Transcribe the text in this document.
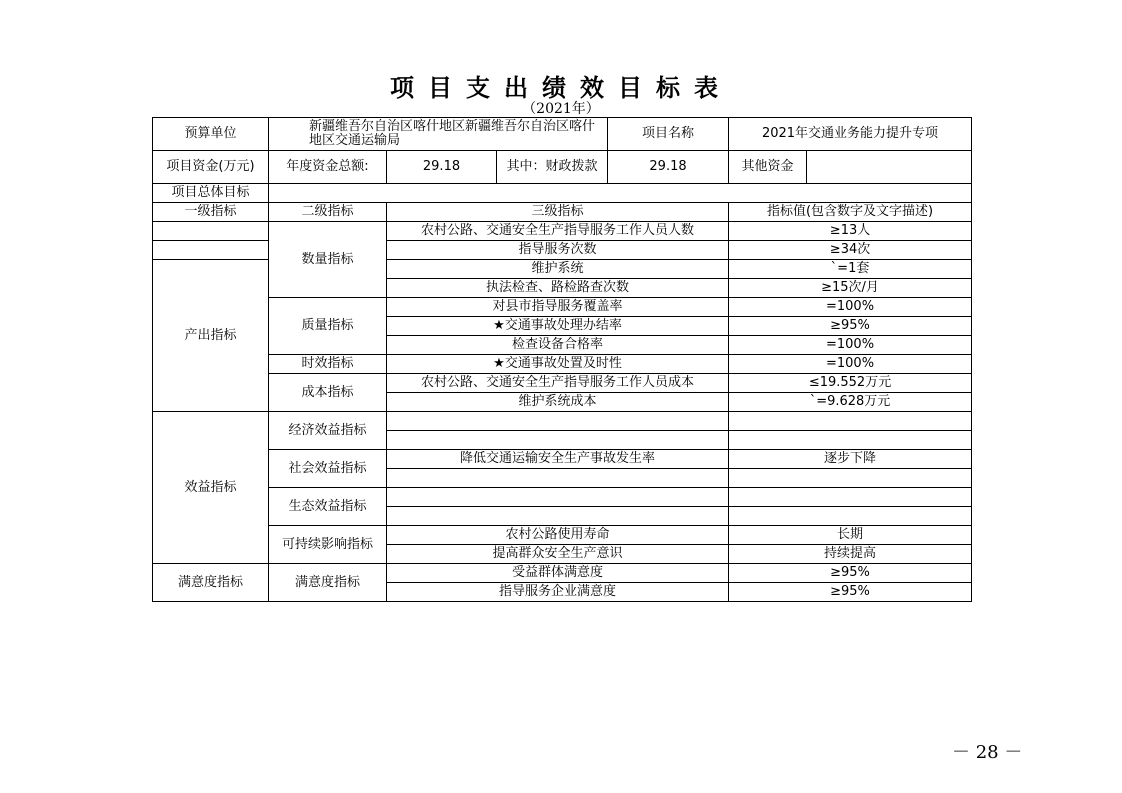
项目支出绩效目标表
（2021年）
预算单位	新疆维吾尔自治区喀什地区新疆维吾尔自治区喀什地区交通运输局			项目名称	2021年交通业务能力提升专项	
项目资金(万元)	年度资金总额:	29.18	其中：财政拨款	29.18	其他资金	
项目总体目标						
一级指标	二级指标	三级指标			指标值(包含数字及文字描述)	
	数量指标	农村公路、交通安全生产指导服务工作人员人数			≥13人	
		指导服务次数			≥34次	
产出指标		维护系统			`=1套	
		执法检查、路检路查次数			≥15次/月	
	质量指标	对县市指导服务覆盖率			=100%	
		★交通事故处理办结率			≥95%	
		检查设备合格率			=100%	
	时效指标	★交通事故处置及时性			=100%	
	成本指标	农村公路、交通安全生产指导服务工作人员成本			≤19.552万元	
		维护系统成本			`=9.628万元	
效益指标	经济效益指标					

	社会效益指标	降低交通运输安全生产事故发生率			逐步下降	

	生态效益指标					

	可持续影响指标	农村公路使用寿命			长期	
		提高群众安全生产意识			持续提高	
满意度指标	满意度指标	受益群体满意度			≥95%	
		指导服务企业满意度			≥95%	
－ 28 －
